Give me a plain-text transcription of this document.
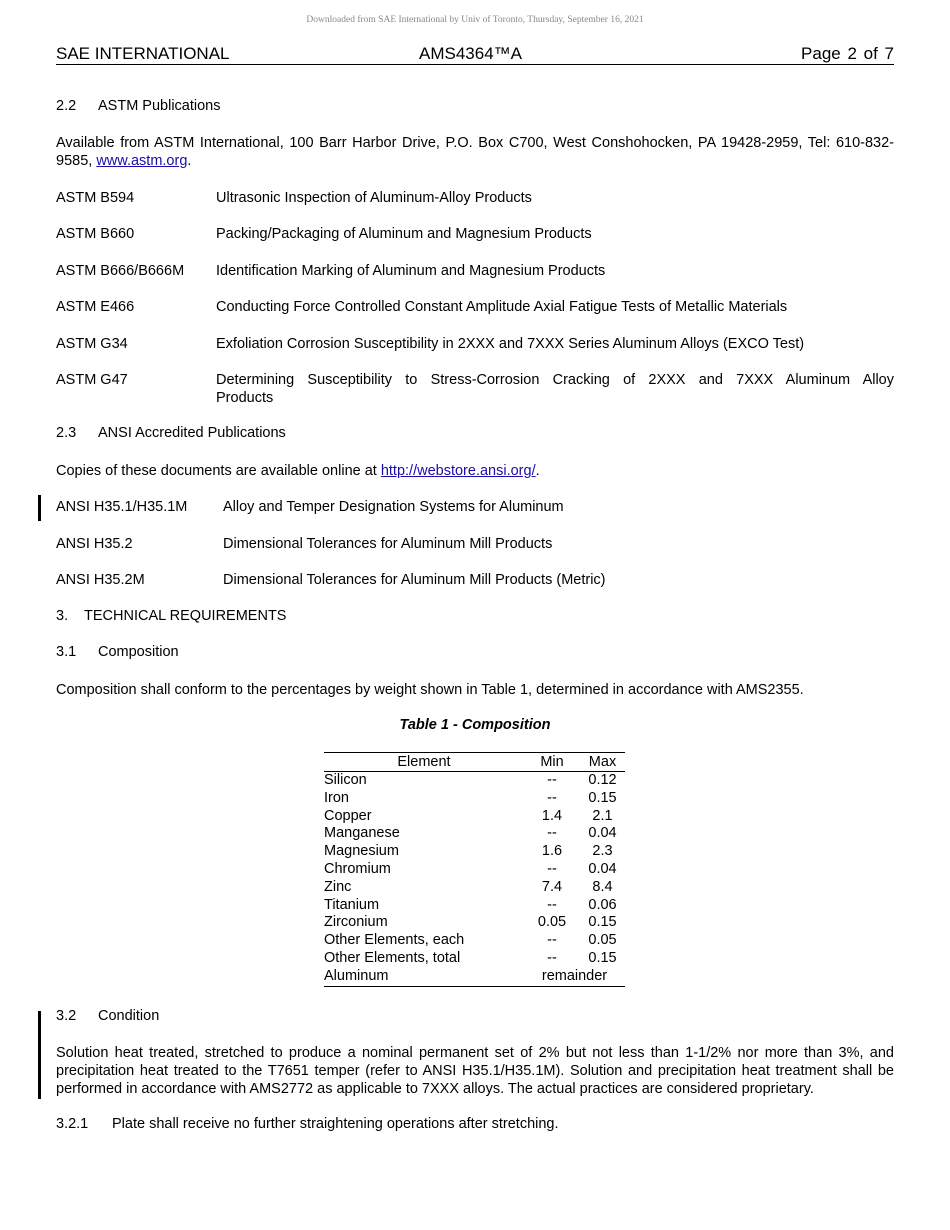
Downloaded from SAE International by Univ of Toronto, Thursday, September 16, 2021
SAE INTERNATIONAL	AMS4364™A	Page 2 of 7
2.2 ASTM Publications
Available from ASTM International, 100 Barr Harbor Drive, P.O. Box C700, West Conshohocken, PA 19428-2959, Tel: 610-832-9585, www.astm.org.
ASTM B594	Ultrasonic Inspection of Aluminum-Alloy Products
ASTM B660	Packing/Packaging of Aluminum and Magnesium Products
ASTM B666/B666M Identification Marking of Aluminum and Magnesium Products
ASTM E466	Conducting Force Controlled Constant Amplitude Axial Fatigue Tests of Metallic Materials
ASTM G34	Exfoliation Corrosion Susceptibility in 2XXX and 7XXX Series Aluminum Alloys (EXCO Test)
ASTM G47	Determining Susceptibility to Stress-Corrosion Cracking of 2XXX and 7XXX Aluminum Alloy
Products
2.3 ANSI Accredited Publications
Copies of these documents are available online at http://webstore.ansi.org/.
ANSI H35.1/H35.1M Alloy and Temper Designation Systems for Aluminum
ANSI H35.2	Dimensional Tolerances for Aluminum Mill Products
ANSI H35.2M	Dimensional Tolerances for Aluminum Mill Products (Metric)
3. TECHNICAL REQUIREMENTS
3.1 Composition
Composition shall conform to the percentages by weight shown in Table 1, determined in accordance with AMS2355.
Table 1 - Composition
Element	Min	Max
Silicon	--	0.12
Iron	--	0.15
Copper	1.4	2.1
Manganese	--	0.04
Magnesium	1.6	2.3
Chromium	--	0.04
Zinc	7.4	8.4
Titanium	--	0.06
Zirconium	0.05	0.15
Other Elements, each	--	0.05
Other Elements, total	--	0.15
Aluminum	remainder	
3.2 Condition
Solution heat treated, stretched to produce a nominal permanent set of 2% but not less than 1-1/2% nor more than 3%, and precipitation heat treated to the T7651 temper (refer to ANSI H35.1/H35.1M). Solution and precipitation heat treatment shall be performed in accordance with AMS2772 as applicable to 7XXX alloys. The actual practices are considered proprietary.
3.2.1 Plate shall receive no further straightening operations after stretching.
